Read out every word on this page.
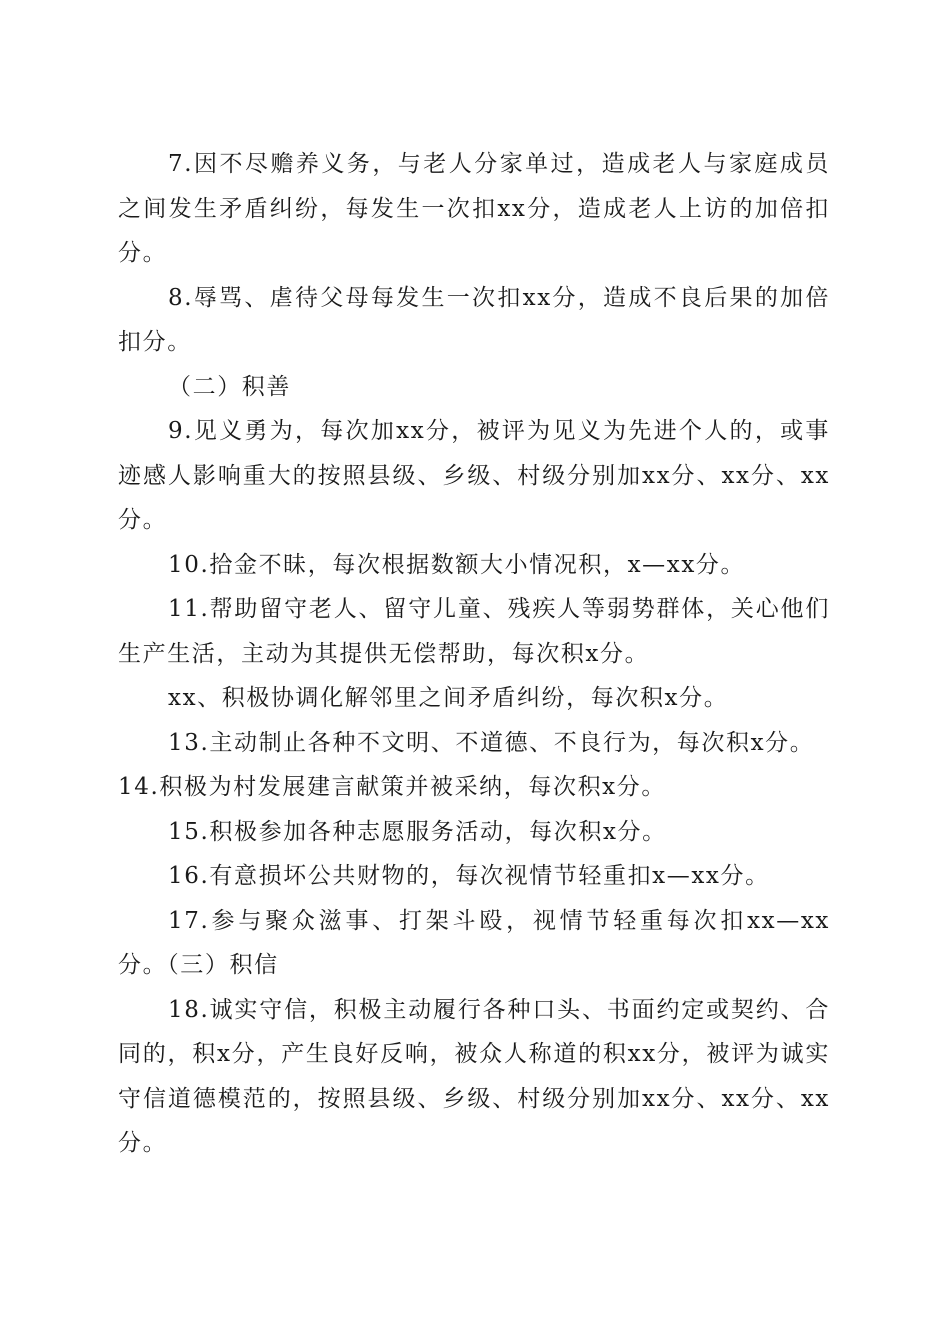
7.因不尽赡养义务，与老人分家单过，造成老人与家庭成员之间发生矛盾纠纷，每发生一次扣xx分，造成老人上访的加倍扣分。

8.辱骂、虐待父母每发生一次扣xx分，造成不良后果的加倍扣分。

（二）积善

9.见义勇为，每次加xx分，被评为见义为先进个人的，或事迹感人影响重大的按照县级、乡级、村级分别加xx分、xx分、xx分。

10.拾金不昧，每次根据数额大小情况积，x—xx分。

11.帮助留守老人、留守儿童、残疾人等弱势群体，关心他们生产生活，主动为其提供无偿帮助，每次积x分。

xx、积极协调化解邻里之间矛盾纠纷，每次积x分。

13.主动制止各种不文明、不道德、不良行为，每次积x分。

14.积极为村发展建言献策并被采纳，每次积x分。

15.积极参加各种志愿服务活动，每次积x分。

16.有意损坏公共财物的，每次视情节轻重扣x—xx分。

17.参与聚众滋事、打架斗殴，视情节轻重每次扣xx—xx分。（三）积信

18.诚实守信，积极主动履行各种口头、书面约定或契约、合同的，积x分，产生良好反响，被众人称道的积xx分，被评为诚实守信道德模范的，按照县级、乡级、村级分别加xx分、xx分、xx分。
